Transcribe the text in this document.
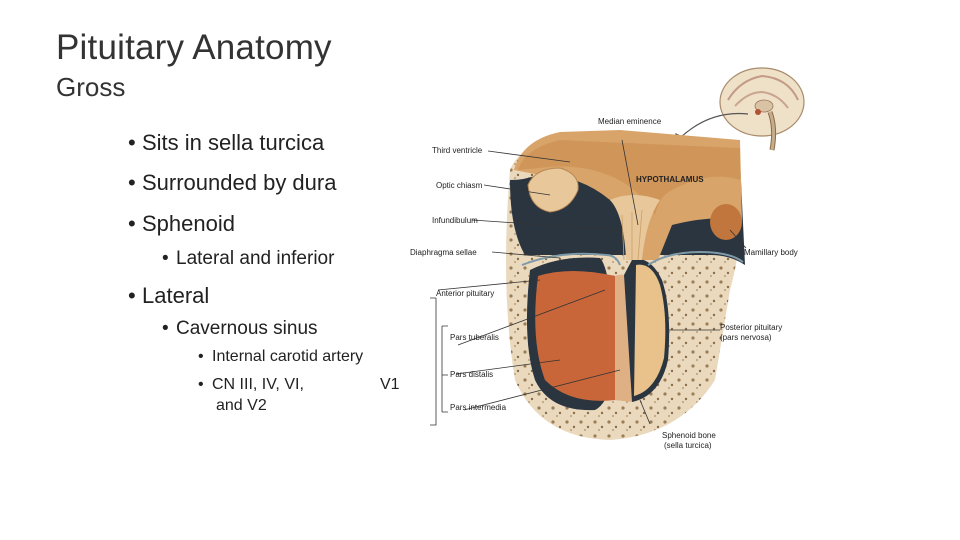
Pituitary Anatomy
Gross
• Sits in sella turcica
• Surrounded by dura
• Sphenoid
• Lateral and inferior
• Lateral
• Cavernous sinus
• Internal carotid artery
• CN III, IV, VI,	V1
and V2
Median eminence
Third ventricle
HYPOTHALAMUS
Optic chiasm
Infundibulum
Diaphragma sellae	Mamillary body
Anterior pituitary
Posterior pituitary
(pars nervosa)
Pars tuberalis
Pars distalis
Pars intermedia
Sphenoid bone
(sella turcica)
